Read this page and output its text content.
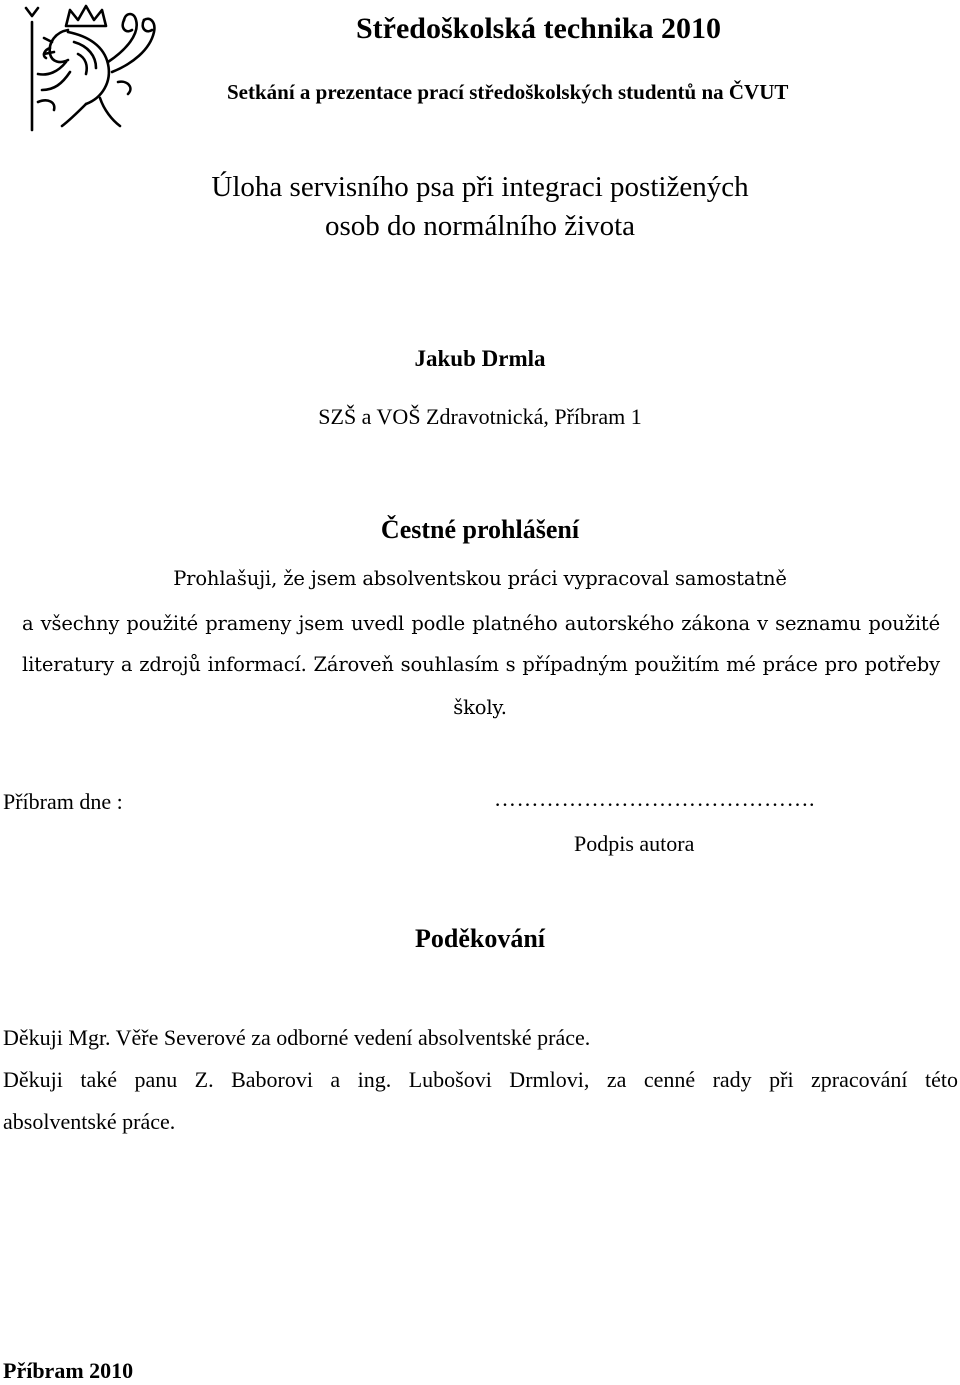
Středoškolská technika 2010
Setkání a prezentace prací středoškolských studentů na ČVUT
Úloha servisního psa při integraci postižených
osob do normálního života
Jakub Drmla
SZŠ a VOŠ Zdravotnická, Příbram 1
Čestné prohlášení
Prohlašuji, že jsem absolventskou práci vypracoval samostatně
a všechny použité prameny jsem uvedl podle platného autorského zákona v seznamu použité
literatury a zdrojů informací. Zároveň souhlasím s případným použitím mé práce pro potřeby
školy.
Příbram dne :	…………………………………….
Podpis autora
Poděkování
Děkuji Mgr. Věře Severové za odborné vedení absolventské práce.
Děkuji také panu Z. Baborovi a ing. Lubošovi Drmlovi, za cenné rady při zpracování této
absolventské práce.
Příbram 2010
